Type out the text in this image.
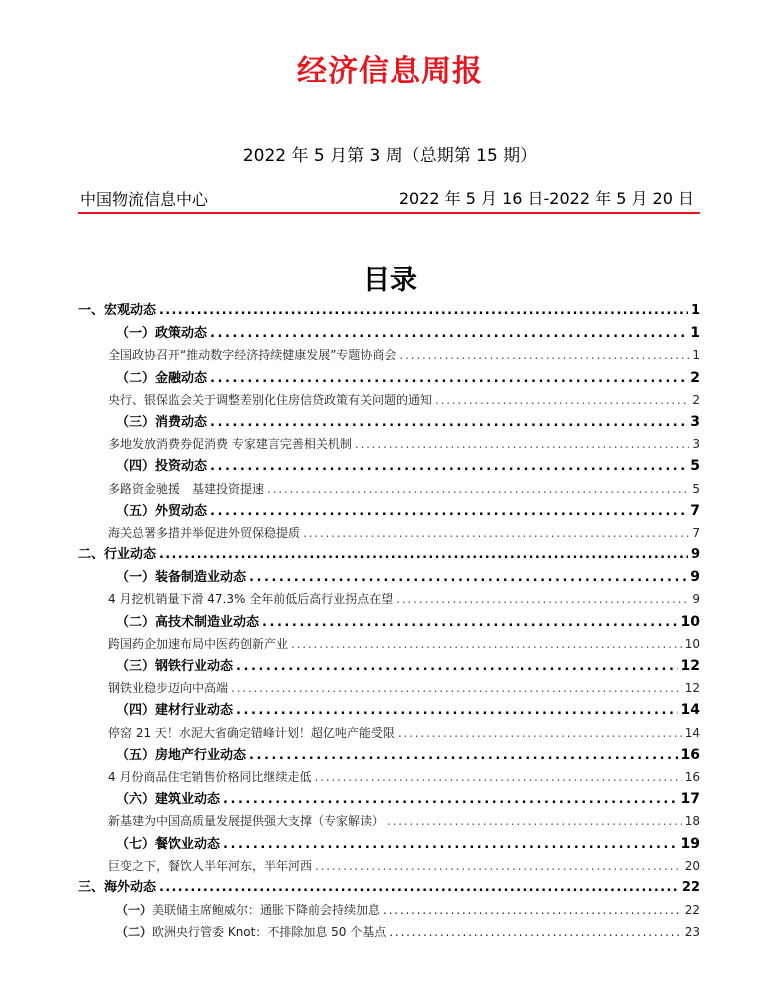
经济信息周报
2022 年 5 月第 3 周（总期第 15 期）
中国物流信息中心	2022 年 5 月 16 日-2022 年 5 月 20 日
目录
一、宏观动态 . . .	1
（一）政策动态 . . .	1
全国政协召开“推动数字经济持续健康发展”专题协商会 . . .	1
（二）金融动态 . . .	2
央行、银保监会关于调整差别化住房信贷政策有关问题的通知 . . .	2
（三）消费动态 . . .	3
多地发放消费券促消费 专家建言完善相关机制 . . .	3
（四）投资动态 . . .	5
多路资金驰援　基建投资提速 . . .	5
（五）外贸动态 . . .	7
海关总署多措并举促进外贸保稳提质 . . .	7
二、行业动态 . . .	9
（一）装备制造业动态 . . .	9
4 月挖机销量下滑 47.3% 全年前低后高行业拐点在望 . . .	9
（二）高技术制造业动态 . . .	10
跨国药企加速布局中医药创新产业 . . .	10
（三）钢铁行业动态 . . .	12
钢铁业稳步迈向中高端 . . .	12
（四）建材行业动态 . . .	14
停窑 21 天！水泥大省确定错峰计划！超亿吨产能受限 . . .	14
（五）房地产行业动态 . . .	16
4 月份商品住宅销售价格同比继续走低 . . .	16
（六）建筑业动态 . . .	17
新基建为中国高质量发展提供强大支撑（专家解读） . . .	18
（七）餐饮业动态 . . .	19
巨变之下，餐饮人半年河东，半年河西 . . .	20
三、海外动态 . . .	22
（一）美联储主席鲍威尔：通胀下降前会持续加息 . . .	22
（二）欧洲央行管委 Knot：不排除加息 50 个基点 . . .	23
